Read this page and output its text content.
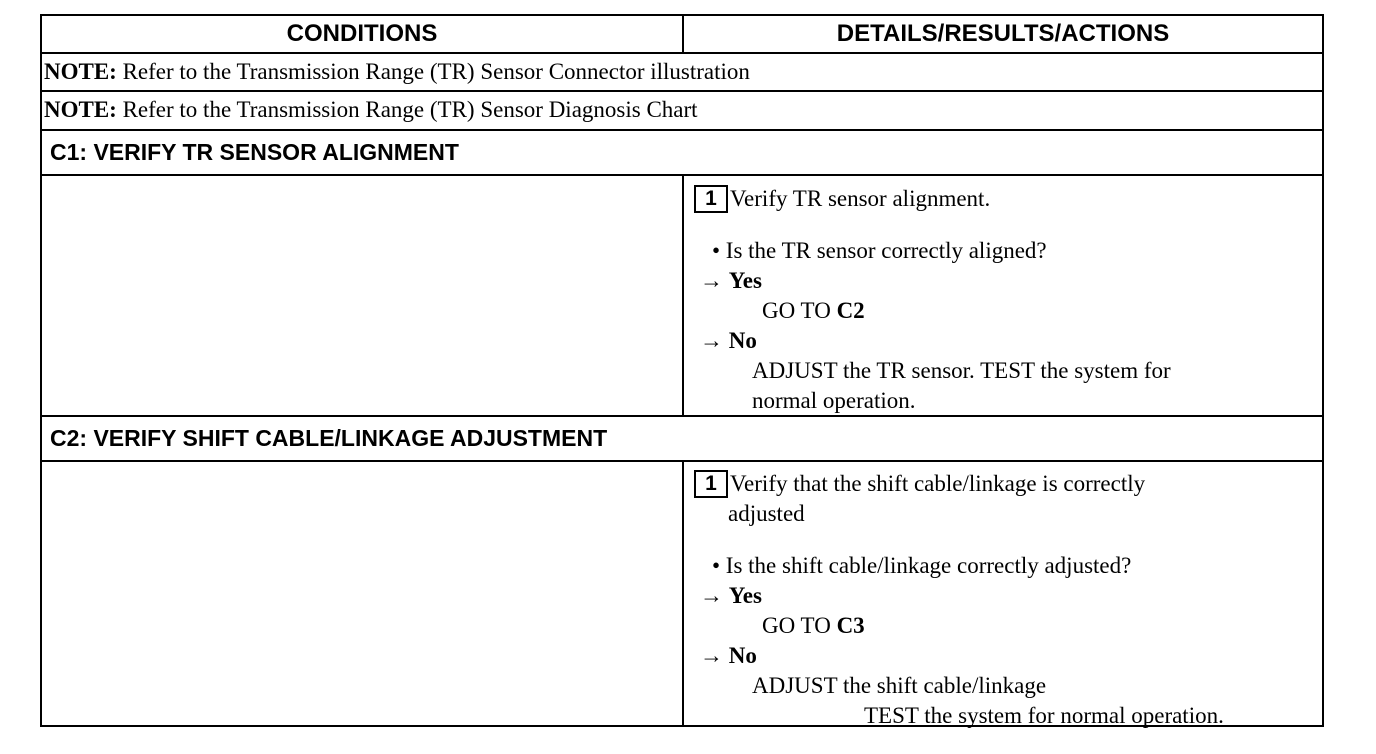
CONDITIONS	DETAILS/RESULTS/ACTIONS
NOTE: Refer to the Transmission Range (TR) Sensor Connector illustration
NOTE: Refer to the Transmission Range (TR) Sensor Diagnosis Chart
C1: VERIFY TR SENSOR ALIGNMENT
1 Verify TR sensor alignment.
• Is the TR sensor correctly aligned?
→ Yes
GO TO C2
→ No
ADJUST the TR sensor. TEST the system for
normal operation.
C2: VERIFY SHIFT CABLE/LINKAGE ADJUSTMENT
1 Verify that the shift cable/linkage is correctly
adjusted
• Is the shift cable/linkage correctly adjusted?
→ Yes
GO TO C3
→ No
ADJUST the shift cable/linkage
TEST the system for normal operation.
